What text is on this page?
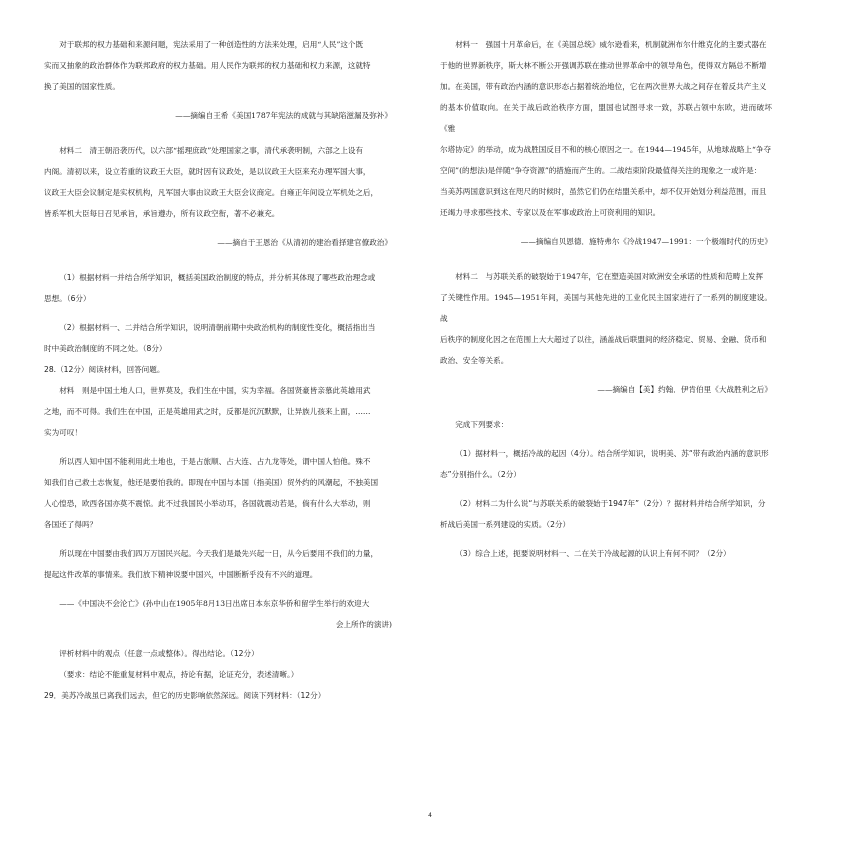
对于联邦的权力基础和来源问题，宪法采用了一种创造性的方法来处理，启用“人民”这个既

实而又抽象的政治群体作为联邦政府的权力基础。用人民作为联邦的权力基础和权力来源，这就特

换了美国的国家性质。

——摘编自王希《美国1787年宪法的成就与其缺陷滋漏及弥补》

材料二　清王朝沿袭历代，以六部“摇理庶政”处理国家之事，清代承袭明制，六部之上设有

内阁。清初以来，设立若重的议政王大臣，就时因有议政处，是以议政王大臣来充办理军国大事，

议政王大臣会议制定是实权机构，凡军国大事由议政王大臣会议商定。自雍正年间设立军机处之后，

皆系军机大臣每日召见承旨，承旨遵办，所有议政空衔，著不必兼充。

——摘自于王恩治《从清初的建治看择建官僚政治》

（1）根据材料一并结合所学知识，概括美国政治制度的特点，并分析其体现了哪些政治理念或

思想。（6分）

（2）根据材料一、二并结合所学知识，说明清朝前期中央政治机构的制度性变化，概括指出当

时中美政治制度的不同之处。（8分）

28.（12分）阅读材料，回答问题。

材料　则是中国土地人口，世界莫及，我们生在中国，实为幸福。各国贤豪皆亲慕此英雄用武

之地，而不可得。我们生在中国，正是英雄用武之时，反都是沉沉默默，让异族儿孩来上面，……

实为可叹！

所以西人知中国不能利用此土地也，于是占旅顺、占大连、占九龙等处，谓中国人怕他。殊不

知我们自己救土志恢复，他还是要怕我的。即现在中国与本国（指美国）贸外约的风潮起，不独美国

人心惶恐，欧西各国亦莫不震惊。此不过我国民小举动耳，各国就震动若是，倘有什么大举动，则

各国还了得吗？

所以现在中国要由我们四万万国民兴起。今天我们是最先兴起一日，从今后要用不我们的力量，

提起这件改革的事情来。我们放下精神说要中国兴，中国断断乎没有不兴的道理。

——《中国决不会沦亡》(孙中山在1905年8月13日出席日本东京华侨和留学生举行的欢迎大

会上所作的演讲)

评析材料中的观点（任意一点或整体）。得出结论。（12分）

（要求：结论不能重复材料中观点，持论有据，论证充分，表述清晰。）

29．美苏冷战虽已离我们远去，但它的历史影响依然深远。阅读下列材料：（12分）

材料一　强国十月革命后，在《美国总统》威尔逊看来，机制就洲布尔什维克化的主要式器在

于他的世界新秩序，斯大林不断公开强调苏联在推动世界革命中的领导角色，使得双方隔总不断增

加。在美国，带有政治内涵的意识形态占据着统治地位，它在两次世界大战之间存在着反共产主义

的基本价值取向。在关于战后政治秩序方面，盟国也试图寻求一致，苏联占领中东欧，进而破坏《雅

尔塔协定》的举动，成为战胜国反目不和的核心原因之一。在1944—1945年，从地球战略上“争夺

空间”(的想法)是伴随“争夺资源”的措施而产生的。二战结束阶段最值得关注的现象之一或许是：

当美苏两国意识到这在咫尺的时候时，虽然它们仍在结盟关系中，却不仅开始划分利益范围，而且

还竭力寻求那些技术、专家以及在军事或政治上可资利用的知识。

——摘编自贝恩德．施特弗尔《冷战1947—1991：一个极端时代的历史》

材料二　与苏联关系的破裂始于1947年，它在塑造美国对欧洲安全承诺的性质和范畴上发挥

了关键性作用。1945—1951年间，美国与其他先进的工业化民主国家进行了一系列的制度建设。战

后秩序的制度化因之在范围上大大超过了以往，涵盖战后联盟间的经济稳定、贸易、金融、货币和

政治、安全等关系。

——摘编自【美】约翰．伊肯伯里《大战胜利之后》

完成下列要求：

（1）据材料一，概括冷战的起因（4分）。结合所学知识，说明美、苏“带有政治内涵的意识形

态”分别指什么。（2分）

（2）材料二为什么说“与苏联关系的破裂始于1947年”（2分）？据材料并结合所学知识，分

析战后美国一系列建设的实质。（2分）

（3）综合上述，扼要说明材料一、二在关于冷战起源的认识上有何不同？（2分）

4
